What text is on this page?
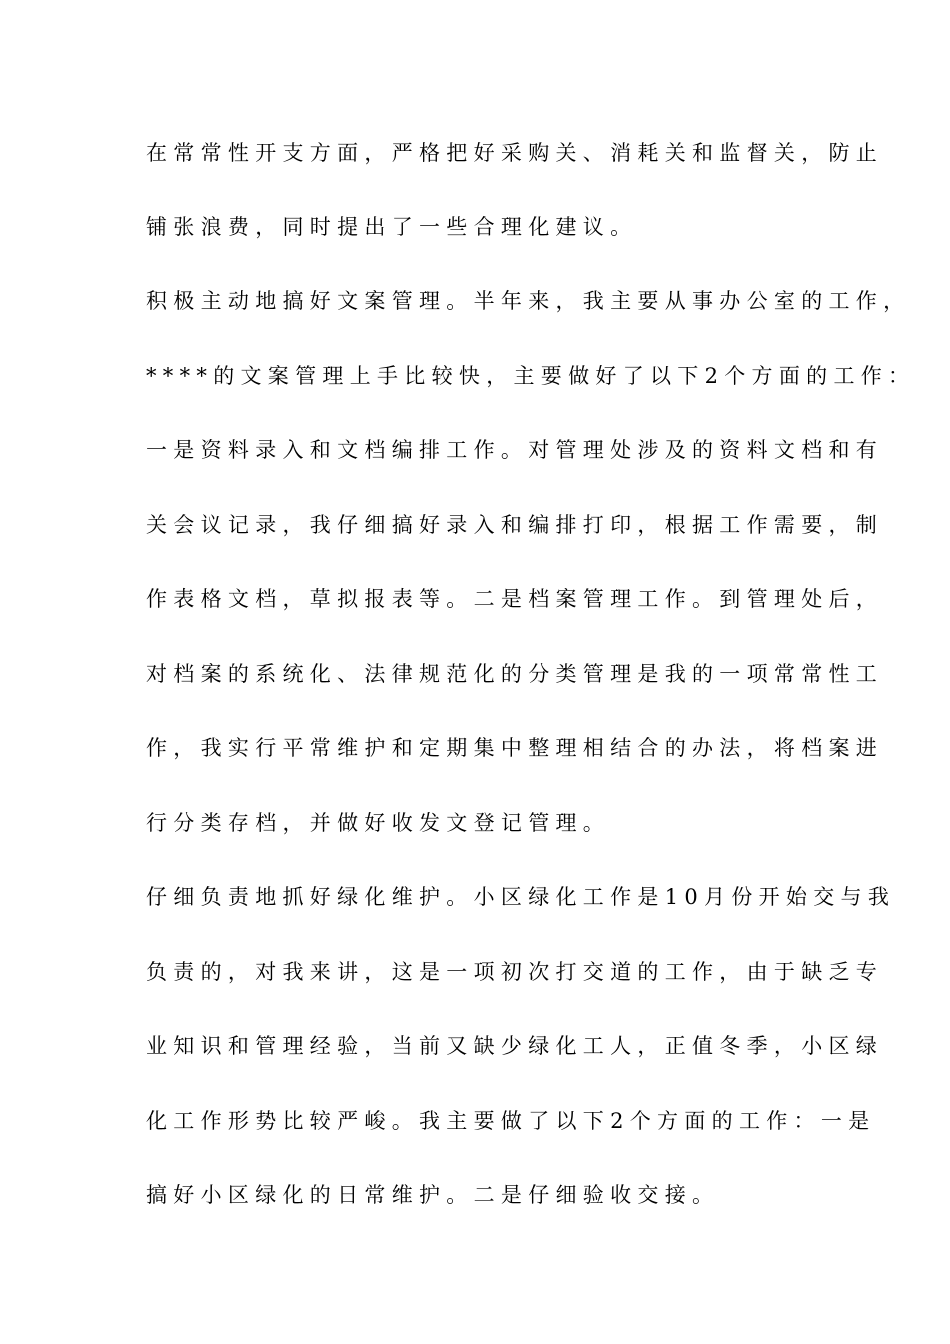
在常常性开支方面，严格把好采购关、消耗关和监督关，防止
铺张浪费，同时提出了一些合理化建议。
积极主动地搞好文案管理。半年来，我主要从事办公室的工作，
****的文案管理上手比较快，主要做好了以下2个方面的工作：
一是资料录入和文档编排工作。对管理处涉及的资料文档和有
关会议记录，我仔细搞好录入和编排打印，根据工作需要，制
作表格文档，草拟报表等。二是档案管理工作。到管理处后，
对档案的系统化、法律规范化的分类管理是我的一项常常性工
作，我实行平常维护和定期集中整理相结合的办法，将档案进
行分类存档，并做好收发文登记管理。
仔细负责地抓好绿化维护。小区绿化工作是10月份开始交与我
负责的，对我来讲，这是一项初次打交道的工作，由于缺乏专
业知识和管理经验，当前又缺少绿化工人，正值冬季，小区绿
化工作形势比较严峻。我主要做了以下2个方面的工作：一是
搞好小区绿化的日常维护。二是仔细验收交接。
